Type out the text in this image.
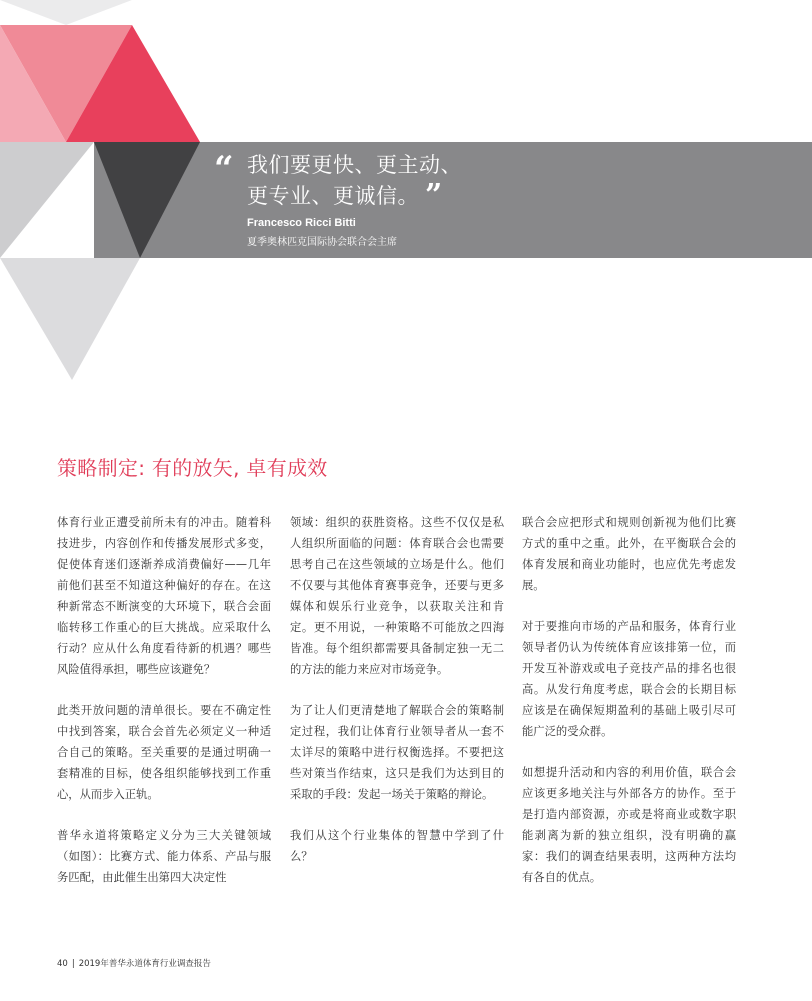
“ 我们要更快、更主动、
更专业、更诚信。 ”
Francesco Ricci Bitti
夏季奥林匹克国际协会联合会主席
策略制定: 有的放矢, 卓有成效

体育行业正遭受前所未有的冲击。随着科技进步，内容创作和传播发展形式多变，促使体育迷们逐渐养成消费偏好——几年前他们甚至不知道这种偏好的存在。在这种新常态不断演变的大环境下，联合会面临转移工作重心的巨大挑战。应采取什么行动？应从什么角度看待新的机遇？哪些风险值得承担，哪些应该避免？

此类开放问题的清单很长。要在不确定性中找到答案，联合会首先必须定义一种适合自己的策略。至关重要的是通过明确一套精准的目标，使各组织能够找到工作重心，从而步入正轨。

普华永道将策略定义分为三大关键领域（如图）：比赛方式、能力体系、产品与服务匹配，由此催生出第四大决定性

领域：组织的获胜资格。这些不仅仅是私人组织所面临的问题：体育联合会也需要思考自己在这些领域的立场是什么。他们不仅要与其他体育赛事竞争，还要与更多媒体和娱乐行业竞争，以获取关注和肯定。更不用说，一种策略不可能放之四海皆准。每个组织都需要具备制定独一无二的方法的能力来应对市场竞争。

为了让人们更清楚地了解联合会的策略制定过程，我们让体育行业领导者从一套不太详尽的策略中进行权衡选择。不要把这些对策当作结束，这只是我们为达到目的采取的手段：发起一场关于策略的辩论。

我们从这个行业集体的智慧中学到了什么？

联合会应把形式和规则创新视为他们比赛方式的重中之重。此外，在平衡联合会的体育发展和商业功能时，也应优先考虑发展。

对于要推向市场的产品和服务，体育行业领导者仍认为传统体育应该排第一位，而开发互补游戏或电子竞技产品的排名也很高。从发行角度考虑，联合会的长期目标应该是在确保短期盈利的基础上吸引尽可能广泛的受众群。

如想提升活动和内容的利用价值，联合会应该更多地关注与外部各方的协作。至于是打造内部资源，亦或是将商业或数字职能剥离为新的独立组织，没有明确的赢家：我们的调查结果表明，这两种方法均有各自的优点。

40 | 2019年普华永道体育行业调查报告
